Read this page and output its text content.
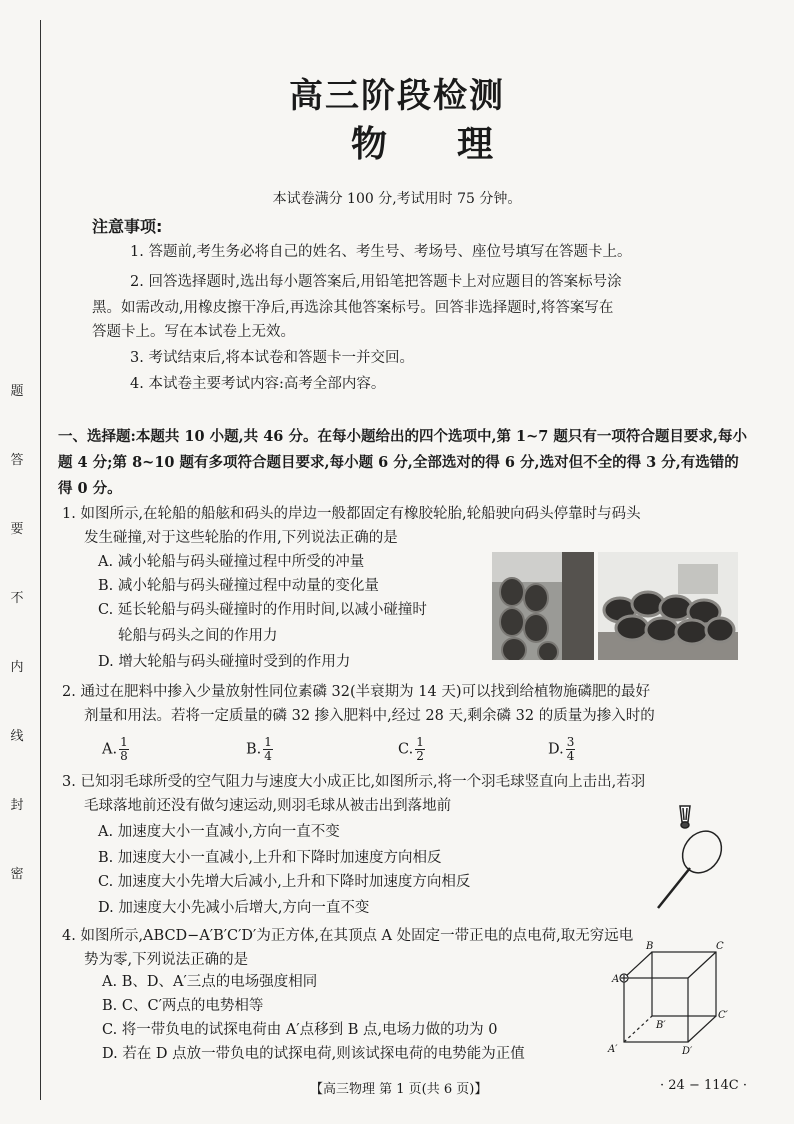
题
答
要
不
内
线
封
密
高三阶段检测
物理
本试卷满分 100 分,考试用时 75 分钟。
注意事项:
1. 答题前,考生务必将自己的姓名、考生号、考场号、座位号填写在答题卡上。
2. 回答选择题时,选出每小题答案后,用铅笔把答题卡上对应题目的答案标号涂
黑。如需改动,用橡皮擦干净后,再选涂其他答案标号。回答非选择题时,将答案写在
答题卡上。写在本试卷上无效。
3. 考试结束后,将本试卷和答题卡一并交回。
4. 本试卷主要考试内容:高考全部内容。
一、选择题:本题共 10 小题,共 46 分。在每小题给出的四个选项中,第 1~7 题只有一项符合题目要求,每小题 4 分;第 8~10 题有多项符合题目要求,每小题 6 分,全部选对的得 6 分,选对但不全的得 3 分,有选错的得 0 分。
1. 如图所示,在轮船的船舷和码头的岸边一般都固定有橡胶轮胎,轮船驶向码头停靠时与码头
发生碰撞,对于这些轮胎的作用,下列说法正确的是
A. 减小轮船与码头碰撞过程中所受的冲量
B. 减小轮船与码头碰撞过程中动量的变化量
C. 延长轮船与码头碰撞时的作用时间,以减小碰撞时
轮船与码头之间的作用力
D. 增大轮船与码头碰撞时受到的作用力
2. 通过在肥料中掺入少量放射性同位素磷 32(半衰期为 14 天)可以找到给植物施磷肥的最好
剂量和用法。若将一定质量的磷 32 掺入肥料中,经过 28 天,剩余磷 32 的质量为掺入时的
A. $\frac{1}{8}$	B. $\frac{1}{4}$	C. $\frac{1}{2}$	D. $\frac{3}{4}$
3. 已知羽毛球所受的空气阻力与速度大小成正比,如图所示,将一个羽毛球竖直向上击出,若羽
毛球落地前还没有做匀速运动,则羽毛球从被击出到落地前
A. 加速度大小一直减小,方向一直不变
B. 加速度大小一直减小,上升和下降时加速度方向相反
C. 加速度大小先增大后减小,上升和下降时加速度方向相反
D. 加速度大小先减小后增大,方向一直不变
4. 如图所示,ABCD−A′B′C′D′为正方体,在其顶点 A 处固定一带正电的点电荷,取无穷远电
势为零,下列说法正确的是
A. B、D、A′三点的电场强度相同
B. C、C′两点的电势相等
C. 将一带负电的试探电荷由 A′点移到 B 点,电场力做的功为 0
D. 若在 D 点放一带负电的试探电荷,则该试探电荷的电势能为正值
A
B	C
B′
C′
A′	D′
【高三物理 第 1 页(共 6 页)】	· 24 − 114C ·
